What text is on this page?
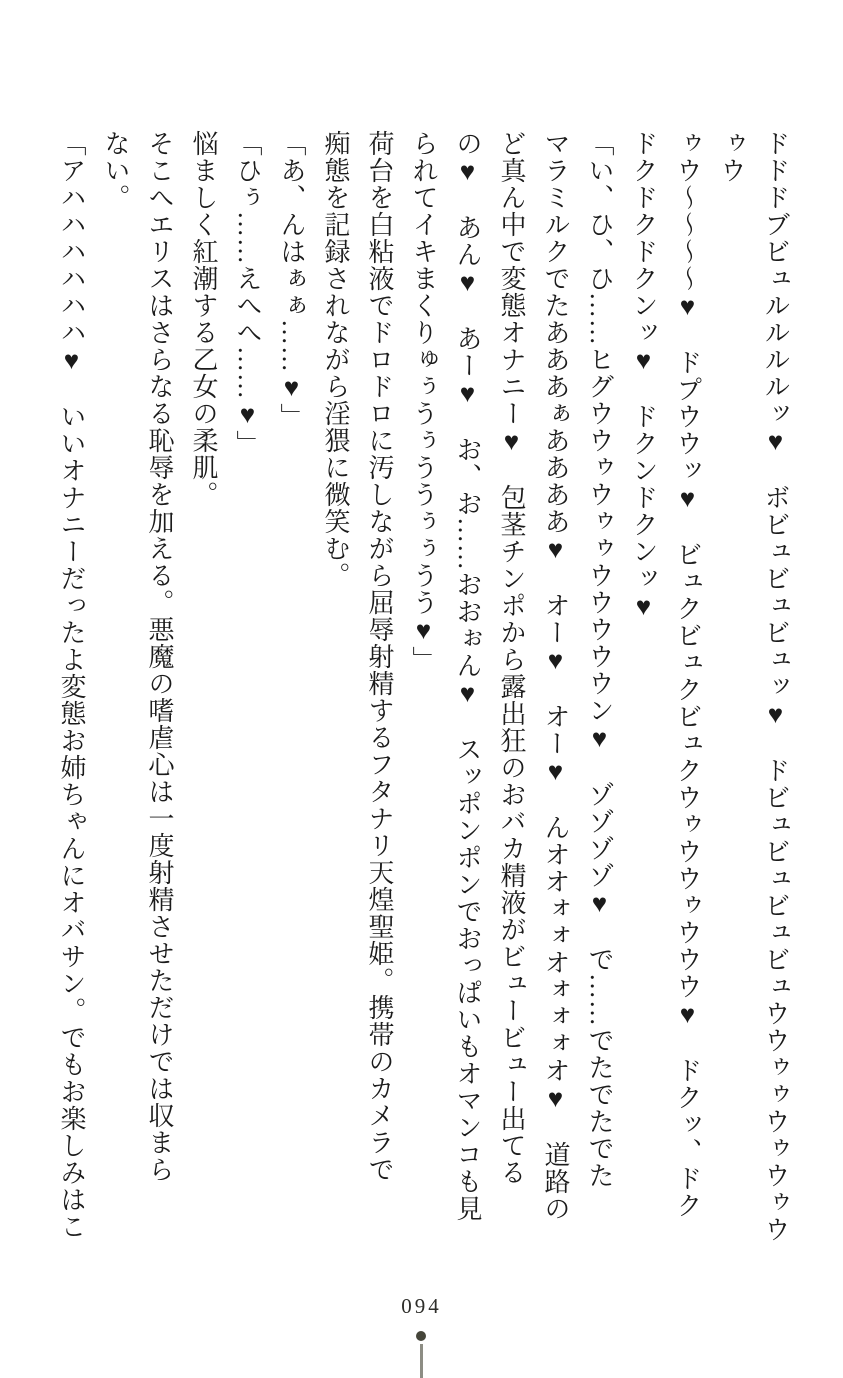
ドドドブビュルルルルッ♥　ボビュビュビュッ♥　ドビュビュビュビュウウゥゥウゥウゥウゥウ

ゥウ～～～～♥　ドプウウッ♥　ビュクビュクビュクウゥウウゥウウウ♥　ドクッ、ドク

ドクドクドクンッ♥　ドクンドクンッ♥

「い、ひ、ひ……ヒグウウゥウゥゥウウウウウン♥　ゾゾゾゾ♥　で……でたでたでた

マラミルクでたあああぁああああ♥　オー♥　オー♥　んオオォォオォォォオ♥　道路の

ど真ん中で変態オナニー♥　包茎チンポから露出狂のおバカ精液がビュービュー出てる

の♥　あん♥　あー♥　お、お……おおぉん♥　スッポンポンでおっぱいもオマンコも見

られてイキまくりゅぅうぅううぅぅうう♥」

荷台を白粘液でドロドロに汚しながら屈辱射精するフタナリ天煌聖姫。携帯のカメラで

痴態を記録されながら淫猥に微笑む。

「あ、んはぁぁ……♥」

「ひぅ……えへへ……♥」

悩ましく紅潮する乙女の柔肌。

そこへエリスはさらなる恥辱を加える。悪魔の嗜虐心は一度射精させただけでは収まら

ない。

「アハハハハハハ♥　いいオナニーだったよ変態お姉ちゃんにオバサン。でもお楽しみはこ

094
